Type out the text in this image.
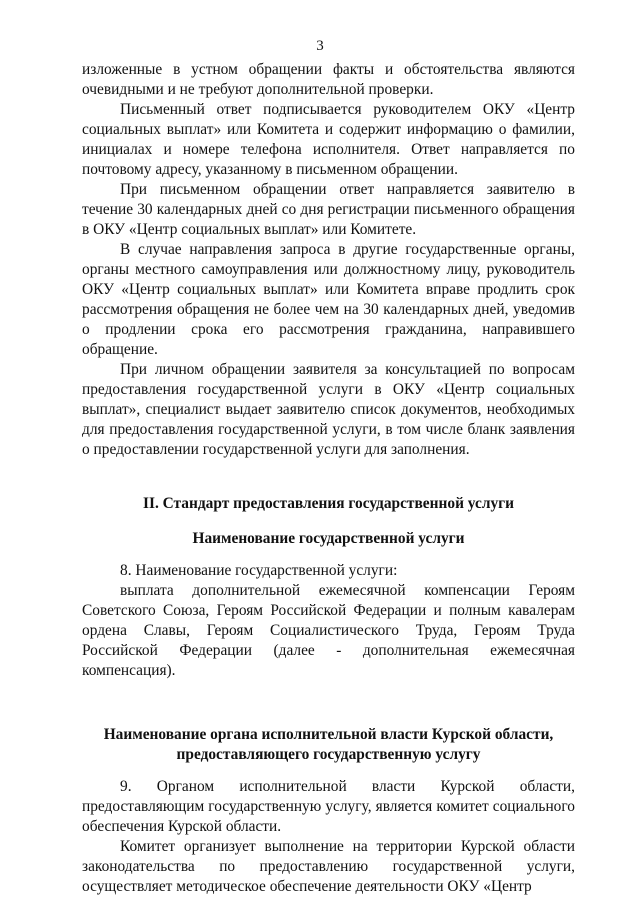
3

изложенные в устном обращении факты и обстоятельства являются очевидными и не требуют дополнительной проверки.

Письменный ответ подписывается руководителем ОКУ «Центр социальных выплат» или Комитета и содержит информацию о фамилии, инициалах и номере телефона исполнителя. Ответ направляется по почтовому адресу, указанному в письменном обращении.

При письменном обращении ответ направляется заявителю в течение 30 календарных дней со дня регистрации письменного обращения в ОКУ «Центр социальных выплат» или Комитете.

В случае направления запроса в другие государственные органы, органы местного самоуправления или должностному лицу, руководитель ОКУ «Центр социальных выплат» или Комитета вправе продлить срок рассмотрения обращения не более чем на 30 календарных дней, уведомив о продлении срока его рассмотрения гражданина, направившего обращение.

При личном обращении заявителя за консультацией по вопросам предоставления государственной услуги в ОКУ «Центр социальных выплат», специалист выдает заявителю список документов, необходимых для предоставления государственной услуги, в том числе бланк заявления о предоставлении государственной услуги для заполнения.

II. Стандарт предоставления государственной услуги

Наименование государственной услуги

8. Наименование государственной услуги:

выплата дополнительной ежемесячной компенсации Героям Советского Союза, Героям Российской Федерации и полным кавалерам ордена Славы, Героям Социалистического Труда, Героям Труда Российской Федерации (далее - дополнительная ежемесячная компенсация).

Наименование органа исполнительной власти Курской области,
предоставляющего государственную услугу

9. Органом исполнительной власти Курской области, предоставляющим государственную услугу, является комитет социального обеспечения Курской области.

Комитет организует выполнение на территории Курской области законодательства по предоставлению государственной услуги, осуществляет методическое обеспечение деятельности ОКУ «Центр
